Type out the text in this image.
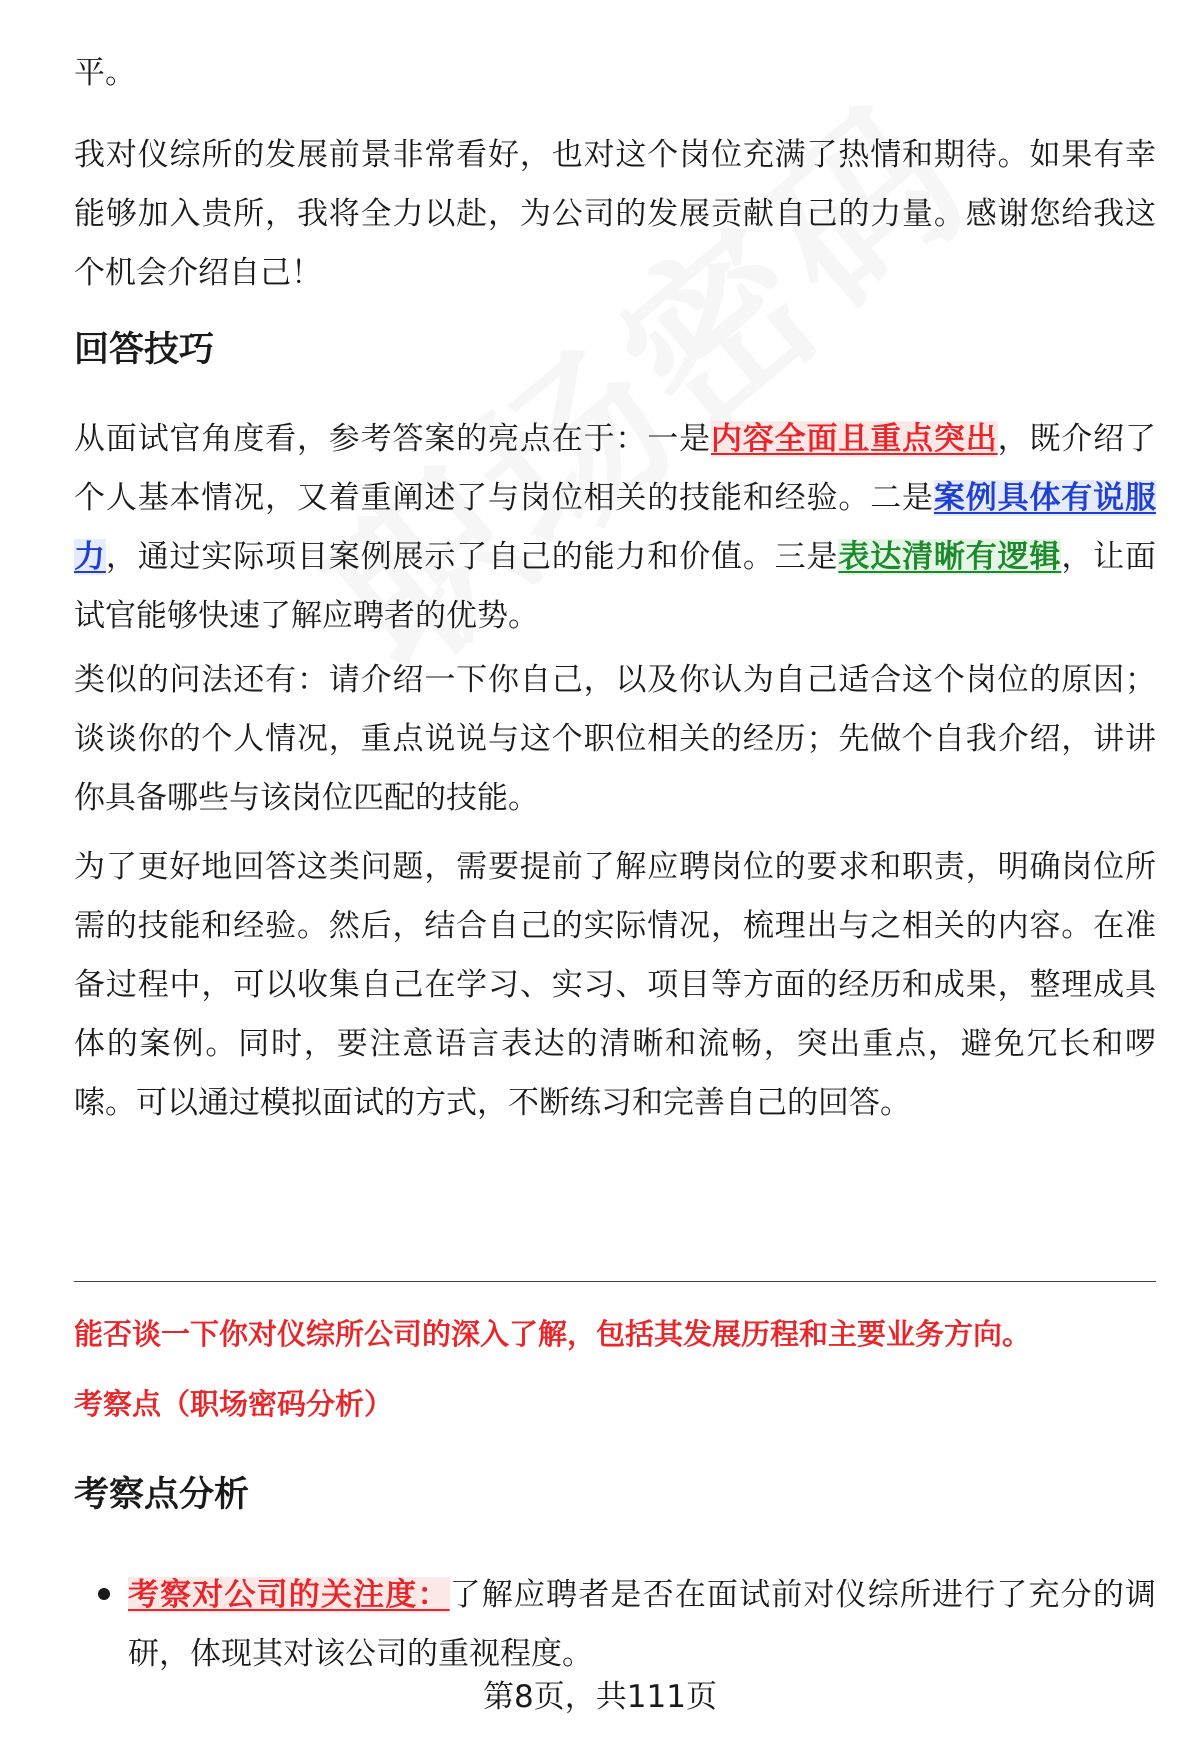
平。

我对仪综所的发展前景非常看好，也对这个岗位充满了热情和期待。如果有幸能够加入贵所，我将全力以赴，为公司的发展贡献自己的力量。感谢您给我这个机会介绍自己！

回答技巧

从面试官角度看，参考答案的亮点在于：一是内容全面且重点突出，既介绍了个人基本情况，又着重阐述了与岗位相关的技能和经验。二是案例具体有说服力，通过实际项目案例展示了自己的能力和价值。三是表达清晰有逻辑，让面试官能够快速了解应聘者的优势。

类似的问法还有：请介绍一下你自己，以及你认为自己适合这个岗位的原因；谈谈你的个人情况，重点说说与这个职位相关的经历；先做个自我介绍，讲讲你具备哪些与该岗位匹配的技能。

为了更好地回答这类问题，需要提前了解应聘岗位的要求和职责，明确岗位所需的技能和经验。然后，结合自己的实际情况，梳理出与之相关的内容。在准备过程中，可以收集自己在学习、实习、项目等方面的经历和成果，整理成具体的案例。同时，要注意语言表达的清晰和流畅，突出重点，避免冗长和啰嗦。可以通过模拟面试的方式，不断练习和完善自己的回答。

能否谈一下你对仪综所公司的深入了解，包括其发展历程和主要业务方向。

考察点（职场密码分析）

考察点分析
考察对公司的关注度：了解应聘者是否在面试前对仪综所进行了充分的调研，体现其对该公司的重视程度。
第8页，共111页
